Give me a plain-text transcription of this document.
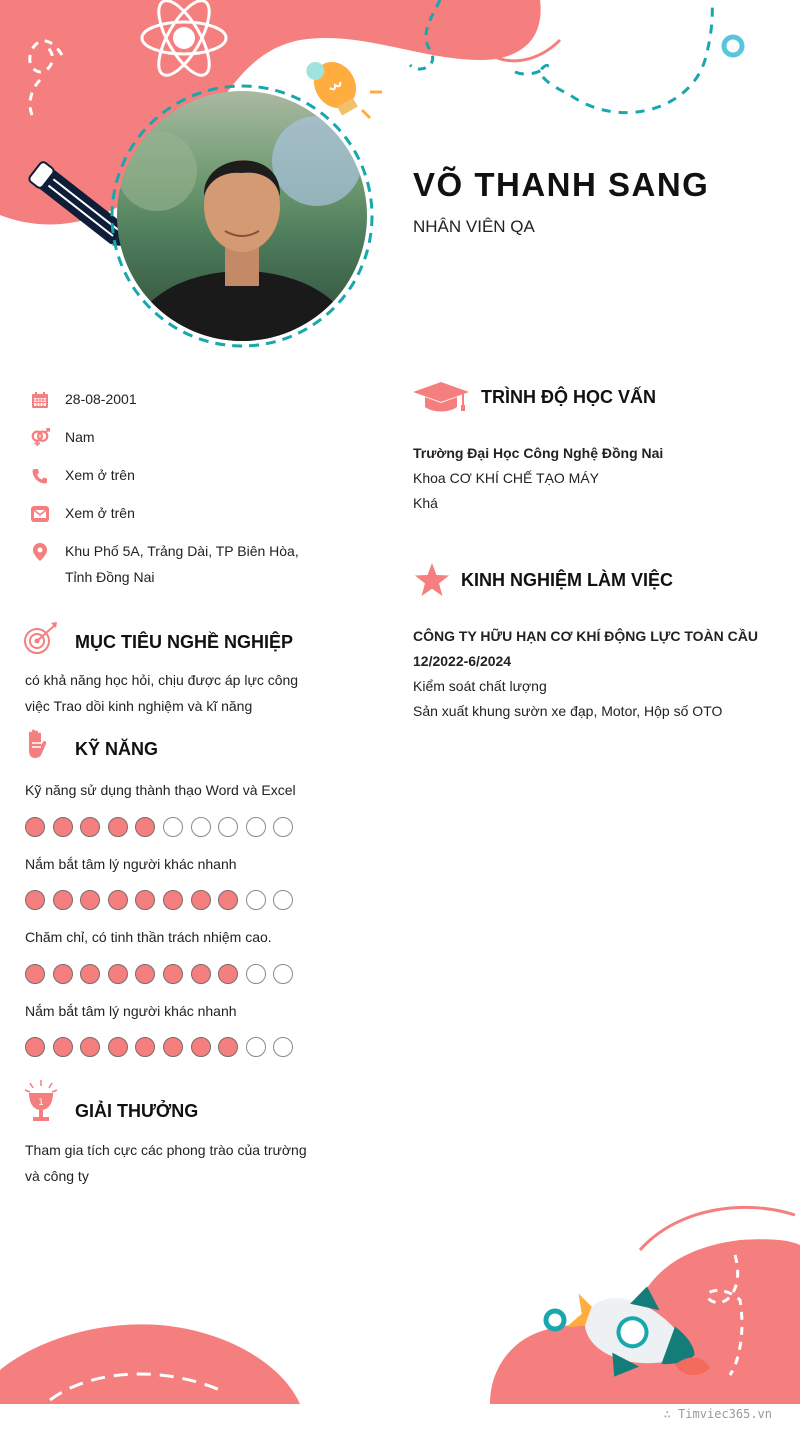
VÕ THANH SANG
NHÂN VIÊN QA
28-08-2001
Nam
Xem ở trên
Xem ở trên
Khu Phố 5A, Trảng Dài, TP Biên Hòa,
Tỉnh Đồng Nai
MỤC TIÊU NGHỀ NGHIỆP
có khả năng học hỏi, chịu được áp lực công
việc Trao dồi kinh nghiệm và kĩ năng
KỸ NĂNG
Kỹ năng sử dụng thành thạo Word và Excel
Nắm bắt tâm lý người khác nhanh
Chăm chỉ, có tinh thần trách nhiệm cao.
Nắm bắt tâm lý người khác nhanh
1 GIẢI THƯỞNG
Tham gia tích cực các phong trào của trường
và công ty
TRÌNH ĐỘ HỌC VẤN
Trường Đại Học Công Nghệ Đồng Nai
Khoa CƠ KHÍ CHẾ TẠO MÁY
Khá
KINH NGHIỆM LÀM VIỆC
CÔNG TY HỮU HẠN CƠ KHÍ ĐỘNG LỰC TOÀN CẦU
12/2022-6/2024
Kiểm soát chất lượng
Sản xuất khung sườn xe đạp, Motor, Hộp số OTO
∴ Timviec365.vn
